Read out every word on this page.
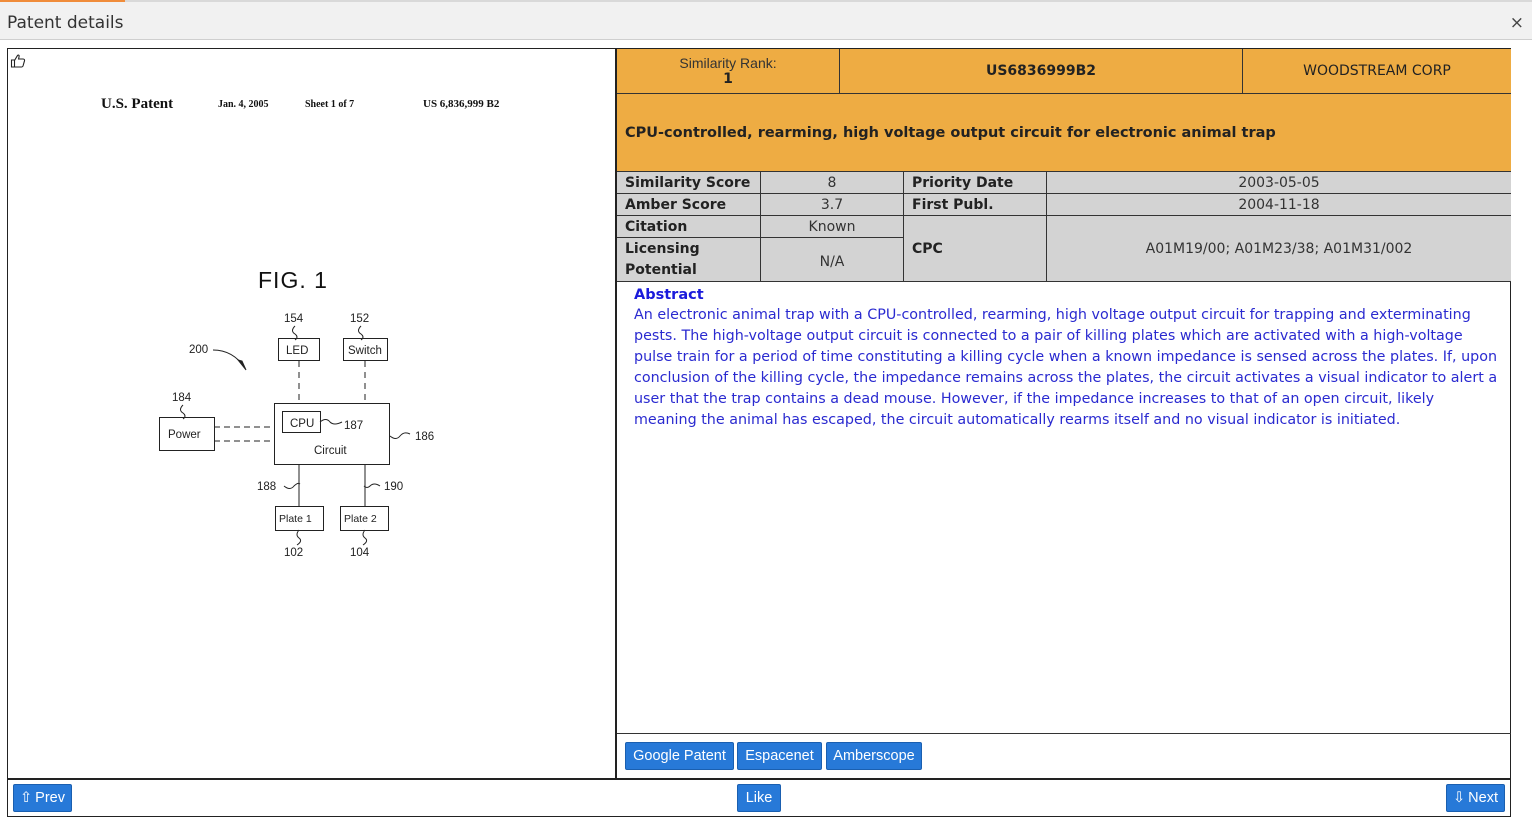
Patent details	×
U.S. Patent	Jan. 4, 2005	Sheet 1 of 7	US 6,836,999 B2
FIG. 1
LED	Switch
CPU
Circuit
Power
Plate 1	Plate 2
154	152
200
184
187
186
188	190
102	104
Similarity Rank:
1	US6836999B2	WOODSTREAM CORP
CPU-controlled, rearming, high voltage output circuit for electronic animal trap
Similarity Score	8
Amber Score	3.7
Citation	Known
Licensing Potential	N/A
Priority Date	2003-05-05
First Publ.	2004-11-18
CPC	A01M19/00; A01M23/38; A01M31/002
Abstract
An electronic animal trap with a CPU-controlled, rearming, high voltage output circuit for trapping and exterminating pests. The high-voltage output circuit is connected to a pair of killing plates which are activated with a high-voltage pulse train for a period of time constituting a killing cycle when a known impedance is sensed across the plates. If, upon conclusion of the killing cycle, the impedance remains across the plates, the circuit activates a visual indicator to alert a user that the trap contains a dead mouse. However, if the impedance increases to that of an open circuit, likely meaning the animal has escaped, the circuit automatically rearms itself and no visual indicator is initiated.
Google Patent	Espacenet	Amberscope
⇧ Prev	Like	⇩ Next
